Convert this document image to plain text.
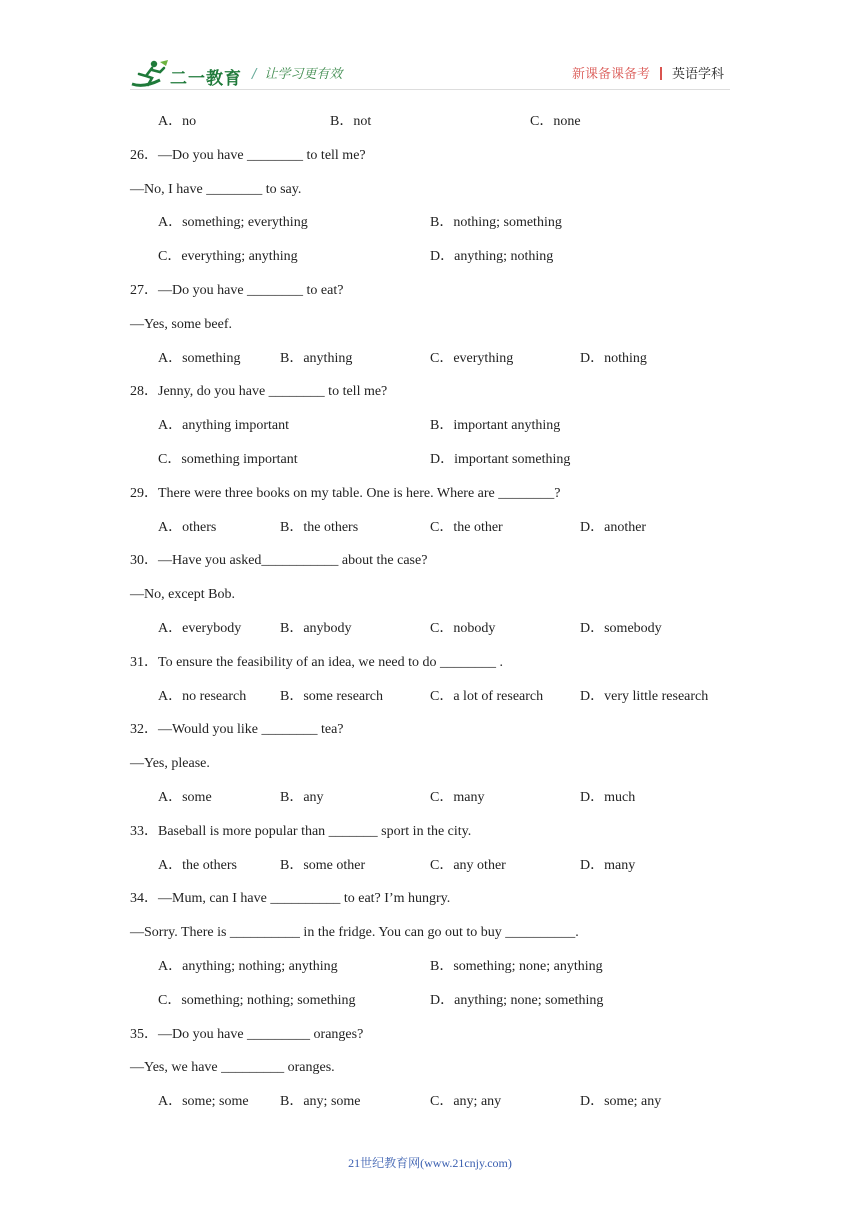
二一教育 / 让学习更有效	新课备课备考 英语学科
A．no	B．not	C．none
26．—Do you have ________ to tell me?
—No, I have ________ to say.
A．something; everything	B．nothing; something
C．everything; anything	D．anything; nothing
27．—Do you have ________ to eat?
—Yes, some beef.
A．something	B．anything	C．everything	D．nothing
28．Jenny, do you have ________ to tell me?
A．anything important	B．important anything
C．something important	D．important something
29．There were three books on my table. One is here. Where are ________?
A．others	B．the others	C．the other	D．another
30．—Have you asked___________ about the case?
—No, except Bob.
A．everybody	B．anybody	C．nobody	D．somebody
31．To ensure the feasibility of an idea, we need to do ________ .
A．no research B．some research	C．a lot of research	D．very little research
32．—Would you like ________ tea?
—Yes, please.
A．some	B．any	C．many	D．much
33．Baseball is more popular than _______ sport in the city.
A．the others	B．some other	C．any other	D．many
34．—Mum, can I have __________ to eat? I’m hungry.
—Sorry. There is __________ in the fridge. You can go out to buy __________.
A．anything; nothing; anything	B．something; none; anything
C．something; nothing; something	D．anything; none; something
35．—Do you have _________ oranges?
—Yes, we have _________ oranges.
A．some; some B．any; some	C．any; any	D．some; any
21世纪教育网(www.21cnjy.com)
